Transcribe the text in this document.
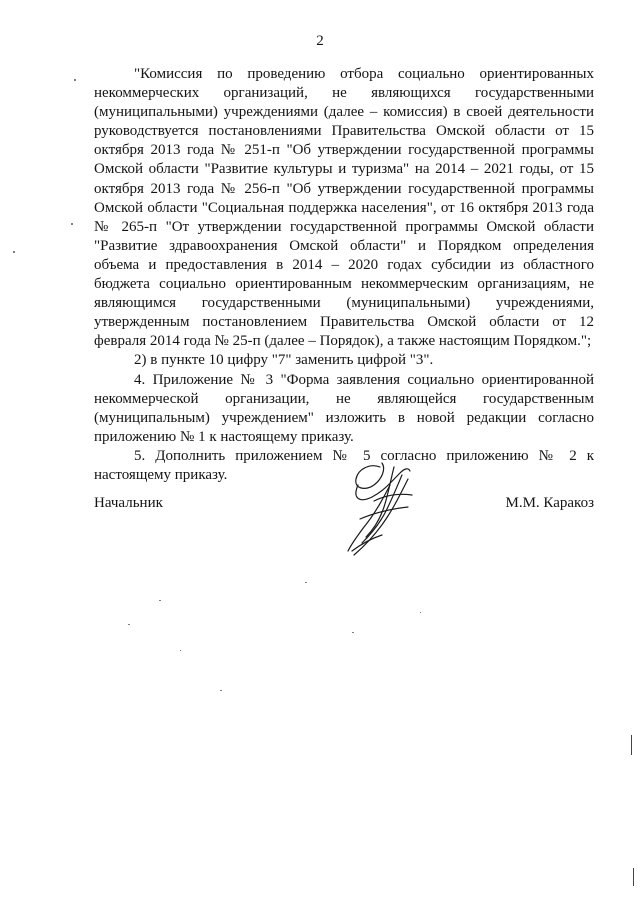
2

"Комиссия по проведению отбора социально ориентированных некоммерческих организаций, не являющихся государственными (муниципальными) учреждениями (далее – комиссия) в своей деятельности руководствуется постановлениями Правительства Омской области от 15 октября 2013 года № 251-п "Об утверждении государственной программы Омской области "Развитие культуры и туризма" на 2014 – 2021 годы, от 15 октября 2013 года № 256-п "Об утверждении государственной программы Омской области "Социальная поддержка населения", от 16 октября 2013 года № 265-п "От утверждении государственной программы Омской области "Развитие здравоохранения Омской области" и Порядком определения объема и предоставления в 2014 – 2020 годах субсидии из областного бюджета социально ориентированным некоммерческим организациям, не являющимся государственными (муниципальными) учреждениями, утвержденным постановлением Правительства Омской области от 12 февраля 2014 года № 25-п (далее – Порядок), а также настоящим Порядком.";

2) в пункте 10 цифру "7" заменить цифрой "3".

4. Приложение № 3 "Форма заявления социально ориентированной некоммерческой организации, не являющейся государственным (муниципальным) учреждением" изложить в новой редакции согласно приложению № 1 к настоящему приказу.

5. Дополнить приложением № 5 согласно приложению № 2 к настоящему приказу.

Начальник	М.М. Каракоз
